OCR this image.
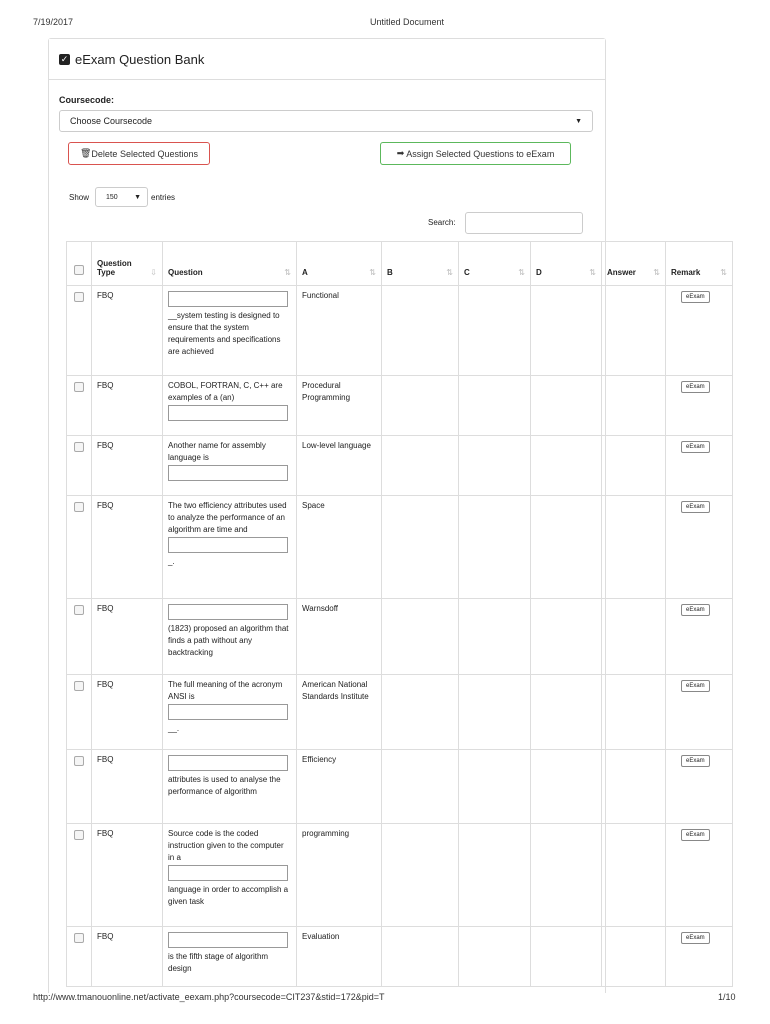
7/19/2017	Untitled Document
✓ eExam Question Bank
Coursecode:
Choose Coursecode	▼
🗑 Delete Selected Questions	➡ Assign Selected Questions to eExam
Show 150 ▼ entries
Search:
	Question
Type ⇩	Question ⇅	A ⇅	B ⇅	C ⇅	D ⇅	Answer ⇅	Remark ⇅

	FBQ	__system testing is designed to ensure that the system requirements and specifications are achieved	Functional					eExam

	FBQ	COBOL, FORTRAN, C, C++ are examples of a (an)	Procedural Programming					eExam

	FBQ	Another name for assembly language is	Low-level language					eExam

	FBQ	The two efficiency attributes used to analyze the performance of an algorithm are time and
_.	Space					eExam

	FBQ	(1823) proposed an algorithm that finds a path without any backtracking	Warnsdoff					eExam

	FBQ	The full meaning of the acronym ANSI is
__.	American National Standards Institute					eExam

	FBQ	attributes is used to analyse the performance of algorithm	Efficiency					eExam

	FBQ	Source code is the coded instruction given to the computer in a
language in order to accomplish a given task	programming					eExam

	FBQ	is the fifth stage of algorithm design	Evaluation					eExam
http://www.tmanouonline.net/activate_eexam.php?coursecode=CIT237&stid=172&pid=T	1/10
